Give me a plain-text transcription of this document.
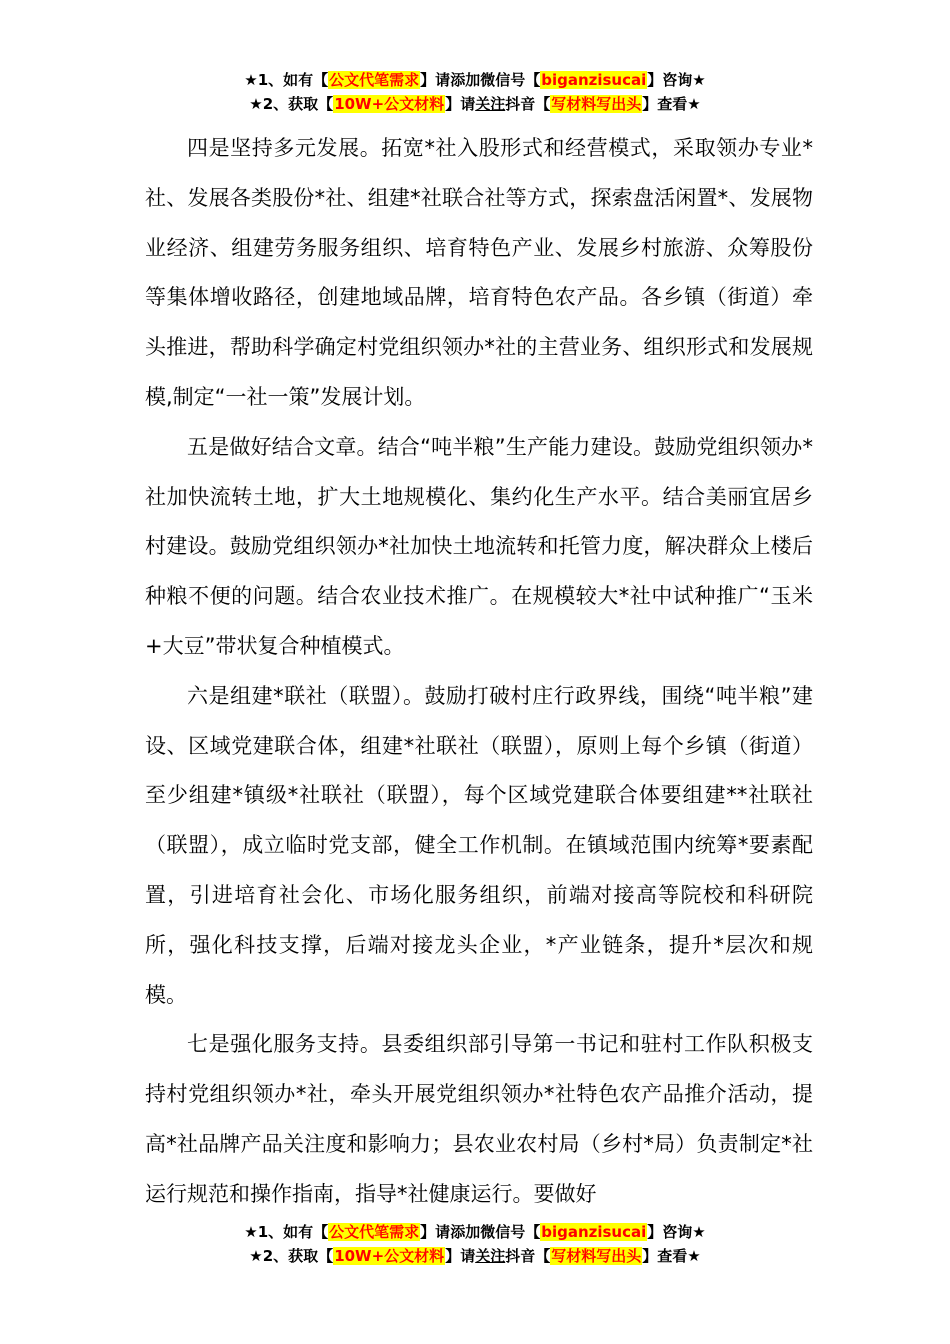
★1、如有【公文代笔需求】请添加微信号【biganzisucai】咨询★
★2、获取【10W+公文材料】请关注抖音【写材料写出头】查看★

四是坚持多元发展。拓宽*社入股形式和经营模式，采取领办专业*社、发展各类股份*社、组建*社联合社等方式，探索盘活闲置*、发展物业经济、组建劳务服务组织、培育特色产业、发展乡村旅游、众筹股份等集体增收路径，创建地域品牌，培育特色农产品。各乡镇（街道）牵头推进，帮助科学确定村党组织领办*社的主营业务、组织形式和发展规模,制定“一社一策”发展计划。

五是做好结合文章。结合“吨半粮”生产能力建设。鼓励党组织领办*社加快流转土地，扩大土地规模化、集约化生产水平。结合美丽宜居乡村建设。鼓励党组织领办*社加快土地流转和托管力度，解决群众上楼后种粮不便的问题。结合农业技术推广。在规模较大*社中试种推广“玉米+大豆”带状复合种植模式。

六是组建*联社（联盟）。鼓励打破村庄行政界线，围绕“吨半粮”建设、区域党建联合体，组建*社联社（联盟），原则上每个乡镇（街道）至少组建*镇级*社联社（联盟），每个区域党建联合体要组建**社联社（联盟），成立临时党支部，健全工作机制。在镇域范围内统筹*要素配置，引进培育社会化、市场化服务组织，前端对接高等院校和科研院所，强化科技支撑，后端对接龙头企业，*产业链条，提升*层次和规模。

七是强化服务支持。县委组织部引导第一书记和驻村工作队积极支持村党组织领办*社，牵头开展党组织领办*社特色农产品推介活动，提高*社品牌产品关注度和影响力；县农业农村局（乡村*局）负责制定*社运行规范和操作指南，指导*社健康运行。要做好

★1、如有【公文代笔需求】请添加微信号【biganzisucai】咨询★
★2、获取【10W+公文材料】请关注抖音【写材料写出头】查看★
